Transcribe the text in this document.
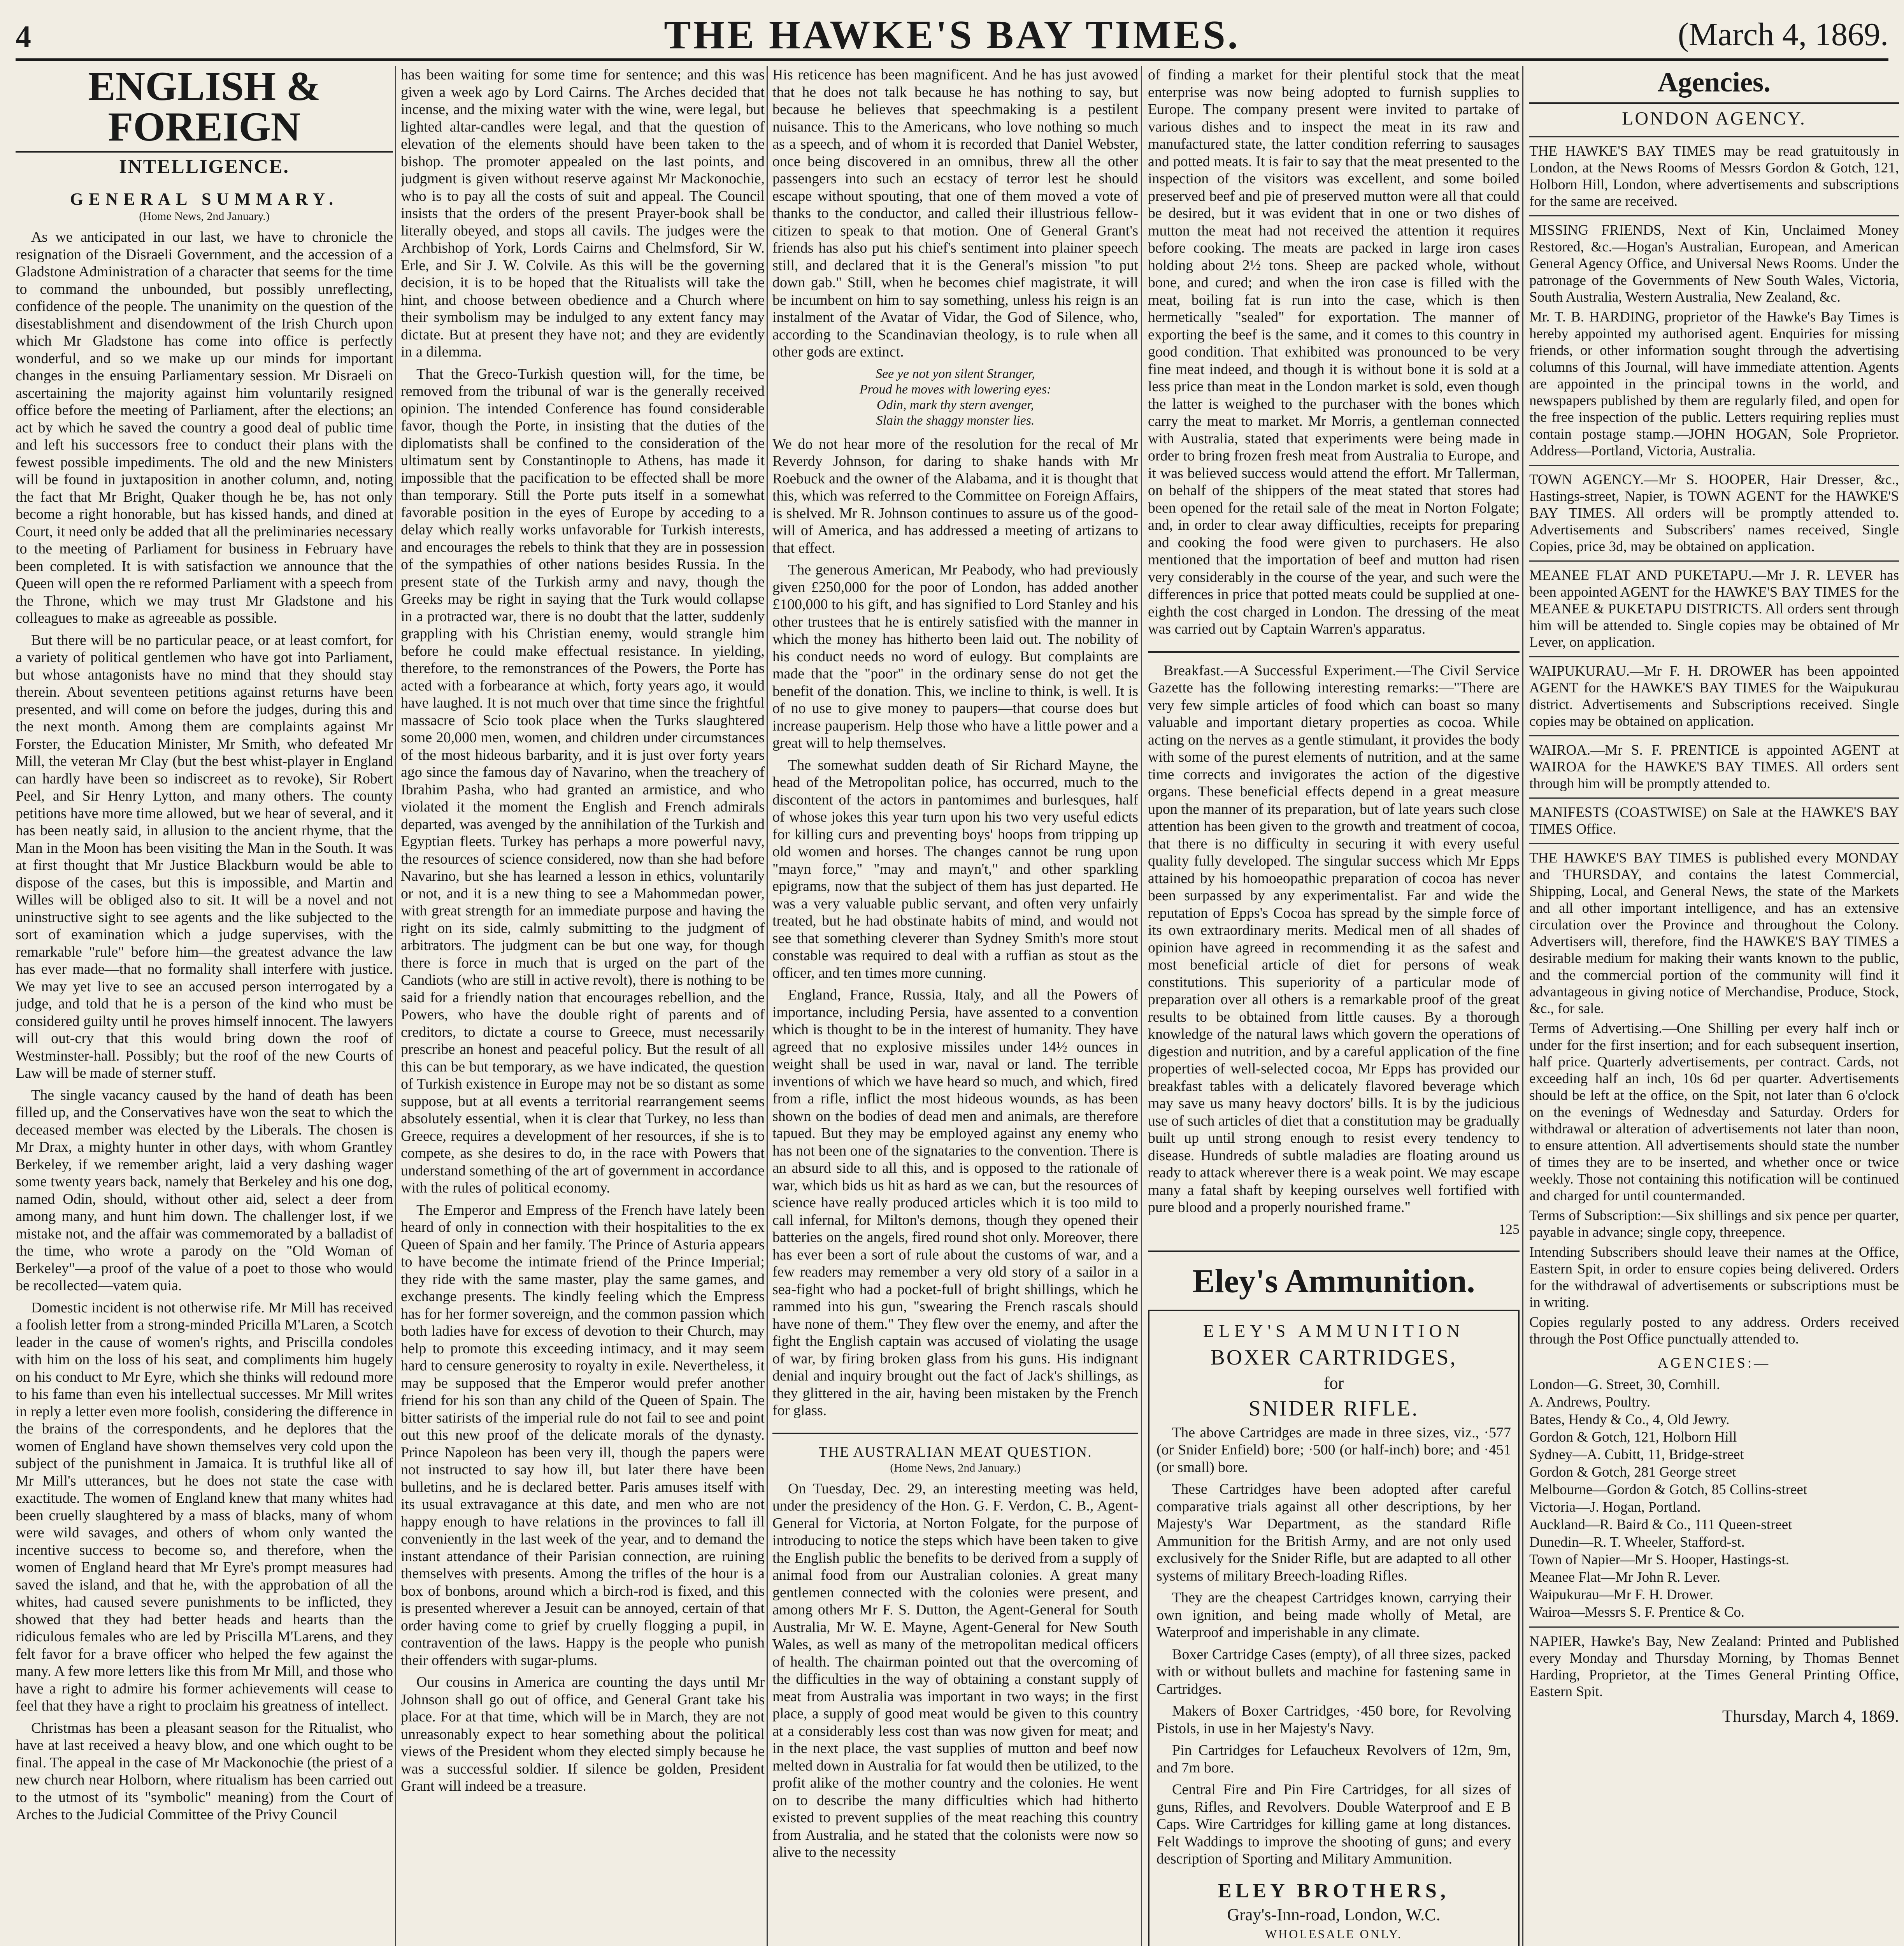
4	THE HAWKE'S BAY TIMES.	(March 4, 1869.
ENGLISH & FOREIGN
INTELLIGENCE.
GENERAL SUMMARY.
(Home News, 2nd January.)

As we anticipated in our last, we have to chronicle the resignation of the Disraeli Government, and the accession of a Gladstone Administration of a character that seems for the time to command the unbounded, but possibly unreflecting, confidence of the people. The unanimity on the question of the disestablishment and disendowment of the Irish Church upon which Mr Gladstone has come into office is perfectly wonderful, and so we make up our minds for important changes in the ensuing Parliamentary session. Mr Disraeli on ascertaining the majority against him voluntarily resigned office before the meeting of Parliament, after the elections; an act by which he saved the country a good deal of public time and left his successors free to conduct their plans with the fewest possible impediments. The old and the new Ministers will be found in juxtaposition in another column, and, noting the fact that Mr Bright, Quaker though he be, has not only become a right honorable, but has kissed hands, and dined at Court, it need only be added that all the preliminaries necessary to the meeting of Parliament for business in February have been completed. It is with satisfaction we announce that the Queen will open the re reformed Parliament with a speech from the Throne, which we may trust Mr Gladstone and his colleagues to make as agreeable as possible.

But there will be no particular peace, or at least comfort, for a variety of political gentlemen who have got into Parliament, but whose antagonists have no mind that they should stay therein. About seventeen petitions against returns have been presented, and will come on before the judges, during this and the next month. Among them are complaints against Mr Forster, the Education Minister, Mr Smith, who defeated Mr Mill, the veteran Mr Clay (but the best whist-player in England can hardly have been so indiscreet as to revoke), Sir Robert Peel, and Sir Henry Lytton, and many others. The county petitions have more time allowed, but we hear of several, and it has been neatly said, in allusion to the ancient rhyme, that the Man in the Moon has been visiting the Man in the South. It was at first thought that Mr Justice Blackburn would be able to dispose of the cases, but this is impossible, and Martin and Willes will be obliged also to sit. It will be a novel and not uninstructive sight to see agents and the like subjected to the sort of examination which a judge supervises, with the remarkable "rule" before him—the greatest advance the law has ever made—that no formality shall interfere with justice. We may yet live to see an accused person interrogated by a judge, and told that he is a person of the kind who must be considered guilty until he proves himself innocent. The lawyers will out-cry that this would bring down the roof of Westminster-hall. Possibly; but the roof of the new Courts of Law will be made of sterner stuff.

The single vacancy caused by the hand of death has been filled up, and the Conservatives have won the seat to which the deceased member was elected by the Liberals. The chosen is Mr Drax, a mighty hunter in other days, with whom Grantley Berkeley, if we remember aright, laid a very dashing wager some twenty years back, namely that Berkeley and his one dog, named Odin, should, without other aid, select a deer from among many, and hunt him down. The challenger lost, if we mistake not, and the affair was commemorated by a balladist of the time, who wrote a parody on the "Old Woman of Berkeley"—a proof of the value of a poet to those who would be recollected—vatem quia.

Domestic incident is not otherwise rife. Mr Mill has received a foolish letter from a strong-minded Pricilla M'Laren, a Scotch leader in the cause of women's rights, and Priscilla condoles with him on the loss of his seat, and compliments him hugely on his conduct to Mr Eyre, which she thinks will redound more to his fame than even his intellectual successes. Mr Mill writes in reply a letter even more foolish, considering the difference in the brains of the correspondents, and he deplores that the women of England have shown themselves very cold upon the subject of the punishment in Jamaica. It is truthful like all of Mr Mill's utterances, but he does not state the case with exactitude. The women of England knew that many whites had been cruelly slaughtered by a mass of blacks, many of whom were wild savages, and others of whom only wanted the incentive success to become so, and therefore, when the women of England heard that Mr Eyre's prompt measures had saved the island, and that he, with the approbation of all the whites, had caused severe punishments to be inflicted, they showed that they had better heads and hearts than the ridiculous females who are led by Priscilla M'Larens, and they felt favor for a brave officer who helped the few against the many. A few more letters like this from Mr Mill, and those who have a right to admire his former achievements will cease to feel that they have a right to proclaim his greatness of intellect.

Christmas has been a pleasant season for the Ritualist, who have at last received a heavy blow, and one which ought to be final. The appeal in the case of Mr Mackonochie (the priest of a new church near Holborn, where ritualism has been carried out to the utmost of its "symbolic" meaning) from the Court of Arches to the Judicial Committee of the Privy Council

has been waiting for some time for sentence; and this was given a week ago by Lord Cairns. The Arches decided that incense, and the mixing water with the wine, were legal, but lighted altar-candles were legal, and that the question of elevation of the elements should have been taken to the bishop. The promoter appealed on the last points, and judgment is given without reserve against Mr Mackonochie, who is to pay all the costs of suit and appeal. The Council insists that the orders of the present Prayer-book shall be literally obeyed, and stops all cavils. The judges were the Archbishop of York, Lords Cairns and Chelmsford, Sir W. Erle, and Sir J. W. Colvile. As this will be the governing decision, it is to be hoped that the Ritualists will take the hint, and choose between obedience and a Church where their symbolism may be indulged to any extent fancy may dictate. But at present they have not; and they are evidently in a dilemma.

That the Greco-Turkish question will, for the time, be removed from the tribunal of war is the generally received opinion. The intended Conference has found considerable favor, though the Porte, in insisting that the duties of the diplomatists shall be confined to the consideration of the ultimatum sent by Constantinople to Athens, has made it impossible that the pacification to be effected shall be more than temporary. Still the Porte puts itself in a somewhat favorable position in the eyes of Europe by acceding to a delay which really works unfavorable for Turkish interests, and encourages the rebels to think that they are in possession of the sympathies of other nations besides Russia. In the present state of the Turkish army and navy, though the Greeks may be right in saying that the Turk would collapse in a protracted war, there is no doubt that the latter, suddenly grappling with his Christian enemy, would strangle him before he could make effectual resistance. In yielding, therefore, to the remonstrances of the Powers, the Porte has acted with a forbearance at which, forty years ago, it would have laughed. It is not much over that time since the frightful massacre of Scio took place when the Turks slaughtered some 20,000 men, women, and children under circumstances of the most hideous barbarity, and it is just over forty years ago since the famous day of Navarino, when the treachery of Ibrahim Pasha, who had granted an armistice, and who violated it the moment the English and French admirals departed, was avenged by the annihilation of the Turkish and Egyptian fleets. Turkey has perhaps a more powerful navy, the resources of science considered, now than she had before Navarino, but she has learned a lesson in ethics, voluntarily or not, and it is a new thing to see a Mahommedan power, with great strength for an immediate purpose and having the right on its side, calmly submitting to the judgment of arbitrators. The judgment can be but one way, for though there is force in much that is urged on the part of the Candiots (who are still in active revolt), there is nothing to be said for a friendly nation that encourages rebellion, and the Powers, who have the double right of parents and of creditors, to dictate a course to Greece, must necessarily prescribe an honest and peaceful policy. But the result of all this can be but temporary, as we have indicated, the question of Turkish existence in Europe may not be so distant as some suppose, but at all events a territorial rearrangement seems absolutely essential, when it is clear that Turkey, no less than Greece, requires a development of her resources, if she is to compete, as she desires to do, in the race with Powers that understand something of the art of government in accordance with the rules of political economy.

The Emperor and Empress of the French have lately been heard of only in connection with their hospitalities to the ex Queen of Spain and her family. The Prince of Asturia appears to have become the intimate friend of the Prince Imperial; they ride with the same master, play the same games, and exchange presents. The kindly feeling which the Empress has for her former sovereign, and the common passion which both ladies have for excess of devotion to their Church, may help to promote this exceeding intimacy, and it may seem hard to censure generosity to royalty in exile. Nevertheless, it may be supposed that the Emperor would prefer another friend for his son than any child of the Queen of Spain. The bitter satirists of the imperial rule do not fail to see and point out this new proof of the delicate morals of the dynasty. Prince Napoleon has been very ill, though the papers were not instructed to say how ill, but later there have been bulletins, and he is declared better. Paris amuses itself with its usual extravagance at this date, and men who are not happy enough to have relations in the provinces to fall ill conveniently in the last week of the year, and to demand the instant attendance of their Parisian connection, are ruining themselves with presents. Among the trifles of the hour is a box of bonbons, around which a birch-rod is fixed, and this is presented wherever a Jesuit can be annoyed, certain of that order having come to grief by cruelly flogging a pupil, in contravention of the laws. Happy is the people who punish their offenders with sugar-plums.

Our cousins in America are counting the days until Mr Johnson shall go out of office, and General Grant take his place. For at that time, which will be in March, they are not unreasonably expect to hear something about the political views of the President whom they elected simply because he was a successful soldier. If silence be golden, President Grant will indeed be a treasure.

His reticence has been magnificent. And he has just avowed that he does not talk because he has nothing to say, but because he believes that speechmaking is a pestilent nuisance. This to the Americans, who love nothing so much as a speech, and of whom it is recorded that Daniel Webster, once being discovered in an omnibus, threw all the other passengers into such an ecstacy of terror lest he should escape without spouting, that one of them moved a vote of thanks to the conductor, and called their illustrious fellow-citizen to speak to that motion. One of General Grant's friends has also put his chief's sentiment into plainer speech still, and declared that it is the General's mission "to put down gab." Still, when he becomes chief magistrate, it will be incumbent on him to say something, unless his reign is an instalment of the Avatar of Vidar, the God of Silence, who, according to the Scandinavian theology, is to rule when all other gods are extinct.

See ye not yon silent Stranger,
Proud he moves with lowering eyes:
Odin, mark thy stern avenger,
Slain the shaggy monster lies.

We do not hear more of the resolution for the recal of Mr Reverdy Johnson, for daring to shake hands with Mr Roebuck and the owner of the Alabama, and it is thought that this, which was referred to the Committee on Foreign Affairs, is shelved. Mr R. Johnson continues to assure us of the good-will of America, and has addressed a meeting of artizans to that effect.

The generous American, Mr Peabody, who had previously given £250,000 for the poor of London, has added another £100,000 to his gift, and has signified to Lord Stanley and his other trustees that he is entirely satisfied with the manner in which the money has hitherto been laid out. The nobility of his conduct needs no word of eulogy. But complaints are made that the "poor" in the ordinary sense do not get the benefit of the donation. This, we incline to think, is well. It is of no use to give money to paupers—that course does but increase pauperism. Help those who have a little power and a great will to help themselves.

The somewhat sudden death of Sir Richard Mayne, the head of the Metropolitan police, has occurred, much to the discontent of the actors in pantomimes and burlesques, half of whose jokes this year turn upon his two very useful edicts for killing curs and preventing boys' hoops from tripping up old women and horses. The changes cannot be rung upon "mayn force," "may and mayn't," and other sparkling epigrams, now that the subject of them has just departed. He was a very valuable public servant, and often very unfairly treated, but he had obstinate habits of mind, and would not see that something cleverer than Sydney Smith's more stout constable was required to deal with a ruffian as stout as the officer, and ten times more cunning.

England, France, Russia, Italy, and all the Powers of importance, including Persia, have assented to a convention which is thought to be in the interest of humanity. They have agreed that no explosive missiles under 14½ ounces in weight shall be used in war, naval or land. The terrible inventions of which we have heard so much, and which, fired from a rifle, inflict the most hideous wounds, as has been shown on the bodies of dead men and animals, are therefore tapued. But they may be employed against any enemy who has not been one of the signataries to the convention. There is an absurd side to all this, and is opposed to the rationale of war, which bids us hit as hard as we can, but the resources of science have really produced articles which it is too mild to call infernal, for Milton's demons, though they opened their batteries on the angels, fired round shot only. Moreover, there has ever been a sort of rule about the customs of war, and a few readers may remember a very old story of a sailor in a sea-fight who had a pocket-full of bright shillings, which he rammed into his gun, "swearing the French rascals should have none of them." They flew over the enemy, and after the fight the English captain was accused of violating the usage of war, by firing broken glass from his guns. His indignant denial and inquiry brought out the fact of Jack's shillings, as they glittered in the air, having been mistaken by the French for glass.

THE AUSTRALIAN MEAT QUESTION.
(Home News, 2nd January.)

On Tuesday, Dec. 29, an interesting meeting was held, under the presidency of the Hon. G. F. Verdon, C. B., Agent-General for Victoria, at Norton Folgate, for the purpose of introducing to notice the steps which have been taken to give the English public the benefits to be derived from a supply of animal food from our Australian colonies. A great many gentlemen connected with the colonies were present, and among others Mr F. S. Dutton, the Agent-General for South Australia, Mr W. E. Mayne, Agent-General for New South Wales, as well as many of the metropolitan medical officers of health. The chairman pointed out that the overcoming of the difficulties in the way of obtaining a constant supply of meat from Australia was important in two ways; in the first place, a supply of good meat would be given to this country at a considerably less cost than was now given for meat; and in the next place, the vast supplies of mutton and beef now melted down in Australia for fat would then be utilized, to the profit alike of the mother country and the colonies. He went on to describe the many difficulties which had hitherto existed to prevent supplies of the meat reaching this country from Australia, and he stated that the colonists were now so alive to the necessity

of finding a market for their plentiful stock that the meat enterprise was now being adopted to furnish supplies to Europe. The company present were invited to partake of various dishes and to inspect the meat in its raw and manufactured state, the latter condition referring to sausages and potted meats. It is fair to say that the meat presented to the inspection of the visitors was excellent, and some boiled preserved beef and pie of preserved mutton were all that could be desired, but it was evident that in one or two dishes of mutton the meat had not received the attention it requires before cooking. The meats are packed in large iron cases holding about 2½ tons. Sheep are packed whole, without bone, and cured; and when the iron case is filled with the meat, boiling fat is run into the case, which is then hermetically "sealed" for exportation. The manner of exporting the beef is the same, and it comes to this country in good condition. That exhibited was pronounced to be very fine meat indeed, and though it is without bone it is sold at a less price than meat in the London market is sold, even though the latter is weighed to the purchaser with the bones which carry the meat to market. Mr Morris, a gentleman connected with Australia, stated that experiments were being made in order to bring frozen fresh meat from Australia to Europe, and it was believed success would attend the effort. Mr Tallerman, on behalf of the shippers of the meat stated that stores had been opened for the retail sale of the meat in Norton Folgate; and, in order to clear away difficulties, receipts for preparing and cooking the food were given to purchasers. He also mentioned that the importation of beef and mutton had risen very considerably in the course of the year, and such were the differences in price that potted meats could be supplied at one-eighth the cost charged in London. The dressing of the meat was carried out by Captain Warren's apparatus.

Breakfast.—A Successful Experiment.—The Civil Service Gazette has the following interesting remarks:—"There are very few simple articles of food which can boast so many valuable and important dietary properties as cocoa. While acting on the nerves as a gentle stimulant, it provides the body with some of the purest elements of nutrition, and at the same time corrects and invigorates the action of the digestive organs. These beneficial effects depend in a great measure upon the manner of its preparation, but of late years such close attention has been given to the growth and treatment of cocoa, that there is no difficulty in securing it with every useful quality fully developed. The singular success which Mr Epps attained by his homoeopathic preparation of cocoa has never been surpassed by any experimentalist. Far and wide the reputation of Epps's Cocoa has spread by the simple force of its own extraordinary merits. Medical men of all shades of opinion have agreed in recommending it as the safest and most beneficial article of diet for persons of weak constitutions. This superiority of a particular mode of preparation over all others is a remarkable proof of the great results to be obtained from little causes. By a thorough knowledge of the natural laws which govern the operations of digestion and nutrition, and by a careful application of the fine properties of well-selected cocoa, Mr Epps has provided our breakfast tables with a delicately flavored beverage which may save us many heavy doctors' bills. It is by the judicious use of such articles of diet that a constitution may be gradually built up until strong enough to resist every tendency to disease. Hundreds of subtle maladies are floating around us ready to attack wherever there is a weak point. We may escape many a fatal shaft by keeping ourselves well fortified with pure blood and a properly nourished frame."

125
Eley's Ammunition.
ELEY'S AMMUNITION
BOXER CARTRIDGES,
for
SNIDER RIFLE.

The above Cartridges are made in three sizes, viz., ·577 (or Snider Enfield) bore; ·500 (or half-inch) bore; and ·451 (or small) bore.

These Cartridges have been adopted after careful comparative trials against all other descriptions, by her Majesty's War Department, as the standard Rifle Ammunition for the British Army, and are not only used exclusively for the Snider Rifle, but are adapted to all other systems of military Breech-loading Rifles.

They are the cheapest Cartridges known, carrying their own ignition, and being made wholly of Metal, are Waterproof and imperishable in any climate.

Boxer Cartridge Cases (empty), of all three sizes, packed with or without bullets and machine for fastening same in Cartridges.

Makers of Boxer Cartridges, ·450 bore, for Revolving Pistols, in use in her Majesty's Navy.

Pin Cartridges for Lefaucheux Revolvers of 12m, 9m, and 7m bore.

Central Fire and Pin Fire Cartridges, for all sizes of guns, Rifles, and Revolvers. Double Waterproof and E B Caps. Wire Cartridges for killing game at long distances. Felt Waddings to improve the shooting of guns; and every description of Sporting and Military Ammunition.

ELEY BROTHERS,
Gray's-Inn-road, London, W.C.
WHOLESALE ONLY.
Agencies.
LONDON AGENCY.

THE HAWKE'S BAY TIMES may be read gratuitously in London, at the News Rooms of Messrs Gordon & Gotch, 121, Holborn Hill, London, where advertisements and subscriptions for the same are received.

MISSING FRIENDS, Next of Kin, Unclaimed Money Restored, &c.—Hogan's Australian, European, and American General Agency Office, and Universal News Rooms. Under the patronage of the Governments of New South Wales, Victoria, South Australia, Western Australia, New Zealand, &c.

Mr. T. B. HARDING, proprietor of the Hawke's Bay Times is hereby appointed my authorised agent. Enquiries for missing friends, or other information sought through the advertising columns of this Journal, will have immediate attention. Agents are appointed in the principal towns in the world, and newspapers published by them are regularly filed, and open for the free inspection of the public. Letters requiring replies must contain postage stamp.—JOHN HOGAN, Sole Proprietor. Address—Portland, Victoria, Australia.

TOWN AGENCY.—Mr S. HOOPER, Hair Dresser, &c., Hastings-street, Napier, is TOWN AGENT for the HAWKE'S BAY TIMES. All orders will be promptly attended to. Advertisements and Subscribers' names received, Single Copies, price 3d, may be obtained on application.

MEANEE FLAT AND PUKETAPU.—Mr J. R. LEVER has been appointed AGENT for the HAWKE'S BAY TIMES for the MEANEE & PUKETAPU DISTRICTS. All orders sent through him will be attended to. Single copies may be obtained of Mr Lever, on application.

WAIPUKURAU.—Mr F. H. DROWER has been appointed AGENT for the HAWKE'S BAY TIMES for the Waipukurau district. Advertisements and Subscriptions received. Single copies may be obtained on application.

WAIROA.—Mr S. F. PRENTICE is appointed AGENT at WAIROA for the HAWKE'S BAY TIMES. All orders sent through him will be promptly attended to.

MANIFESTS (COASTWISE) on Sale at the HAWKE'S BAY TIMES Office.

THE HAWKE'S BAY TIMES is published every MONDAY and THURSDAY, and contains the latest Commercial, Shipping, Local, and General News, the state of the Markets and all other important intelligence, and has an extensive circulation over the Province and throughout the Colony. Advertisers will, therefore, find the HAWKE'S BAY TIMES a desirable medium for making their wants known to the public, and the commercial portion of the community will find it advantageous in giving notice of Merchandise, Produce, Stock, &c., for sale.

Terms of Advertising.—One Shilling per every half inch or under for the first insertion; and for each subsequent insertion, half price. Quarterly advertisements, per contract. Cards, not exceeding half an inch, 10s 6d per quarter. Advertisements should be left at the office, on the Spit, not later than 6 o'clock on the evenings of Wednesday and Saturday. Orders for withdrawal or alteration of advertisements not later than noon, to ensure attention. All advertisements should state the number of times they are to be inserted, and whether once or twice weekly. Those not containing this notification will be continued and charged for until countermanded.

Terms of Subscription:—Six shillings and six pence per quarter, payable in advance; single copy, threepence.

Intending Subscribers should leave their names at the Office, Eastern Spit, in order to ensure copies being delivered. Orders for the withdrawal of advertisements or subscriptions must be in writing.

Copies regularly posted to any address. Orders received through the Post Office punctually attended to.

AGENCIES:—
London—G. Street, 30, Cornhill.
A. Andrews, Poultry.
Bates, Hendy & Co., 4, Old Jewry.
Gordon & Gotch, 121, Holborn Hill
Sydney—A. Cubitt, 11, Bridge-street
Gordon & Gotch, 281 George street
Melbourne—Gordon & Gotch, 85 Collins-street
Victoria—J. Hogan, Portland.
Auckland—R. Baird & Co., 111 Queen-street
Dunedin—R. T. Wheeler, Stafford-st.
Town of Napier—Mr S. Hooper, Hastings-st.
Meanee Flat—Mr John R. Lever.
Waipukurau—Mr F. H. Drower.
Wairoa—Messrs S. F. Prentice & Co.

NAPIER, Hawke's Bay, New Zealand: Printed and Published every Monday and Thursday Morning, by Thomas Bennet Harding, Proprietor, at the Times General Printing Office, Eastern Spit.

Thursday, March 4, 1869.
